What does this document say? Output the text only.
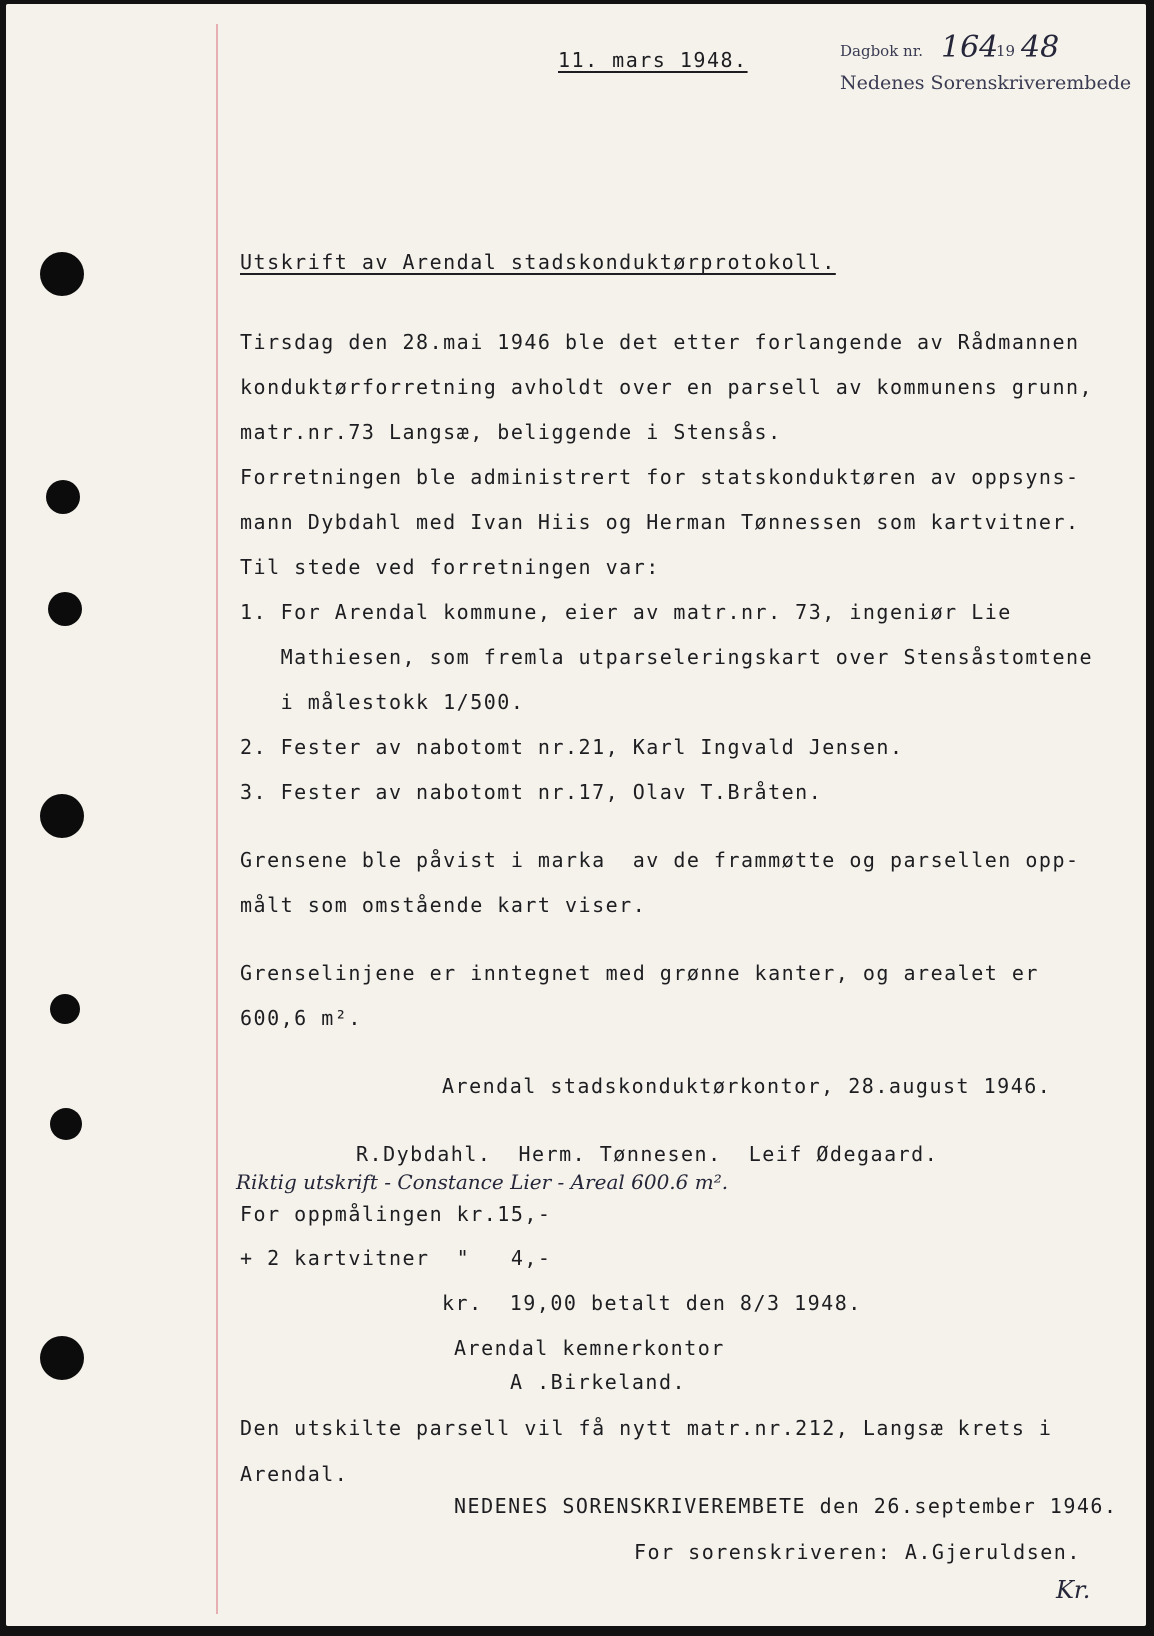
11. mars 1948.	Dagbok nr. 164
19 48
Nedenes Sorenskriverembede
Utskrift av Arendal stadskonduktørprotokoll.
Tirsdag den 28.mai 1946 ble det etter forlangende av Rådmannen
konduktørforretning avholdt over en parsell av kommunens grunn,
matr.nr.73 Langsæ, beliggende i Stensås.
Forretningen ble administrert for statskonduktøren av oppsyns-
mann Dybdahl med Ivan Hiis og Herman Tønnessen som kartvitner.
Til stede ved forretningen var:
1. For Arendal kommune, eier av matr.nr. 73, ingeniør Lie
Mathiesen, som fremla utparseleringskart over Stensåstomtene
i målestokk 1/500.
2. Fester av nabotomt nr.21, Karl Ingvald Jensen.
3. Fester av nabotomt nr.17, Olav T.Bråten.
Grensene ble påvist i marka  av de frammøtte og parsellen opp-
målt som omstående kart viser.
Grenselinjene er inntegnet med grønne kanter, og arealet er
600,6 m².
Arendal stadskonduktørkontor, 28.august 1946.
R.Dybdahl.  Herm. Tønnesen.  Leif Ødegaard.
Riktig utskrift - Constance Lier - Areal 600.6 m².
For oppmålingen kr.15,-
+ 2 kartvitner  "   4,-
kr.  19,00 betalt den 8/3 1948.
Arendal kemnerkontor
A .Birkeland.
Den utskilte parsell vil få nytt matr.nr.212, Langsæ krets i
Arendal.
NEDENES SORENSKRIVEREMBETE den 26.september 1946.
For sorenskriveren: A.Gjeruldsen.
Kr.
